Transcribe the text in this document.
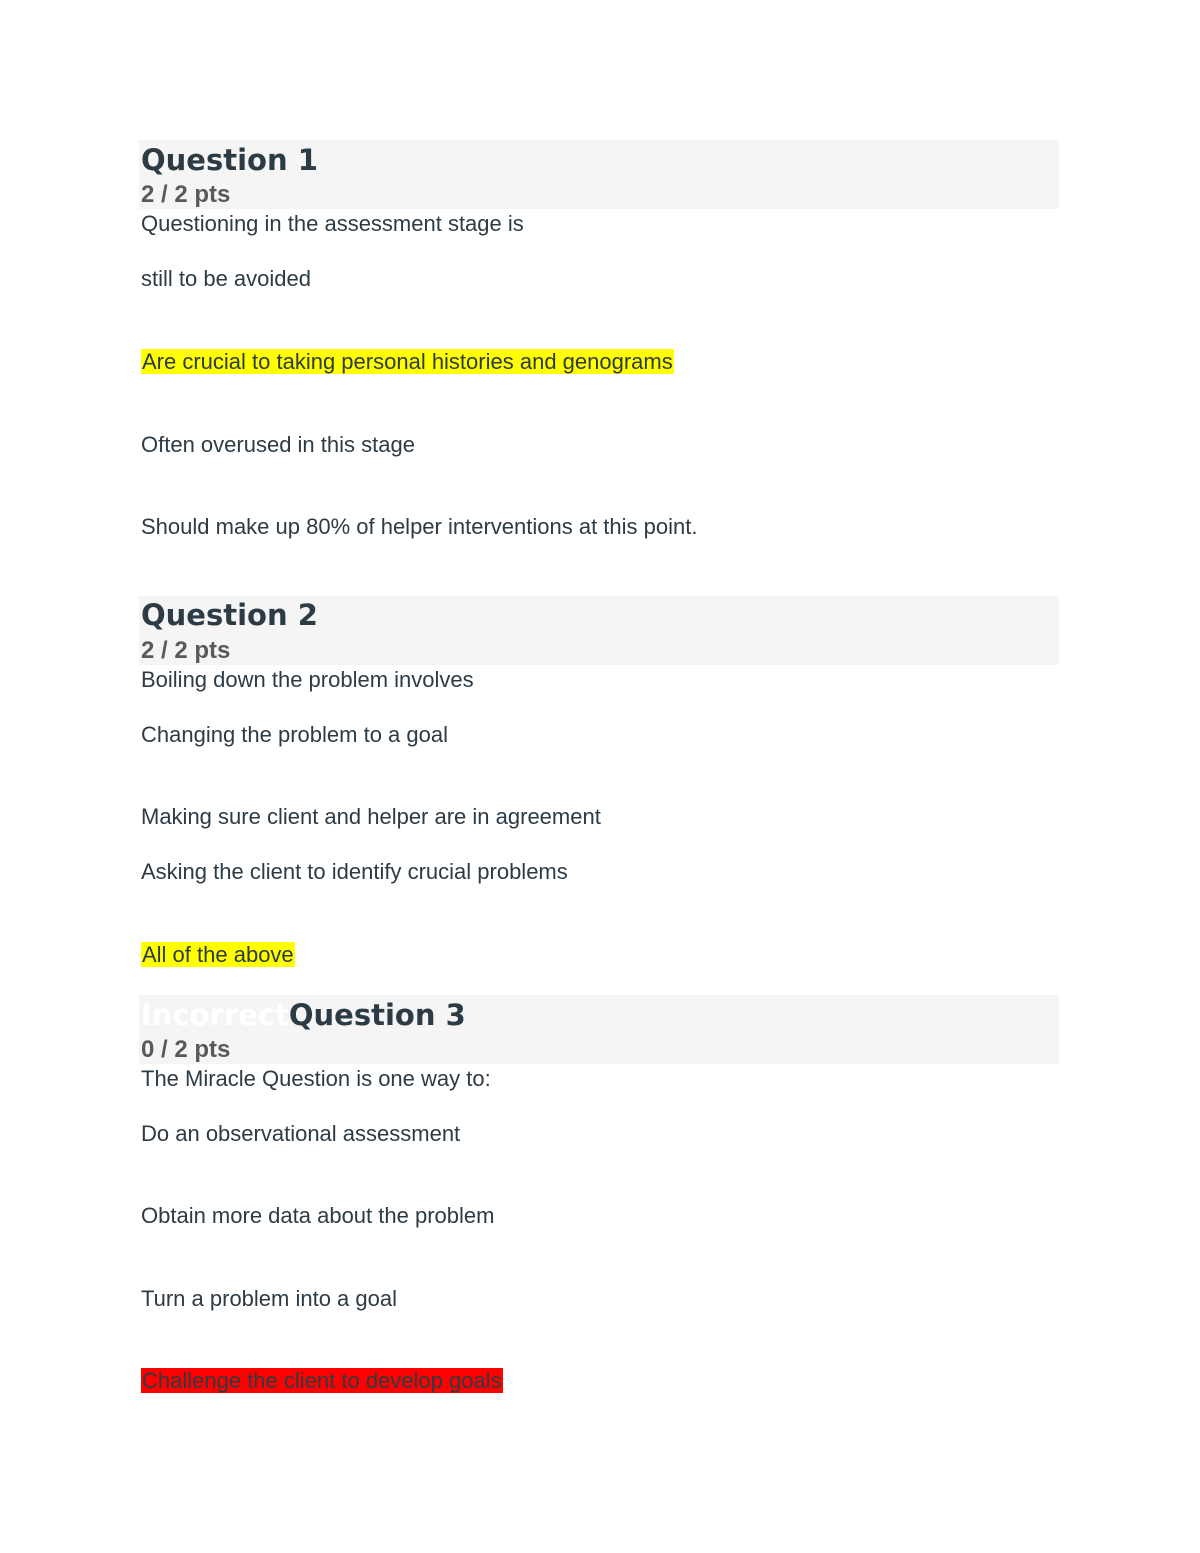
Question 1
2 / 2 pts
Questioning in the assessment stage is
still to be avoided
Are crucial to taking personal histories and genograms
Often overused in this stage
Should make up 80% of helper interventions at this point.
Question 2
2 / 2 pts
Boiling down the problem involves
Changing the problem to a goal
Making sure client and helper are in agreement
Asking the client to identify crucial problems
All of the above
IncorrectQuestion 3
0 / 2 pts
The Miracle Question is one way to:
Do an observational assessment
Obtain more data about the problem
Turn a problem into a goal
Challenge the client to develop goals
